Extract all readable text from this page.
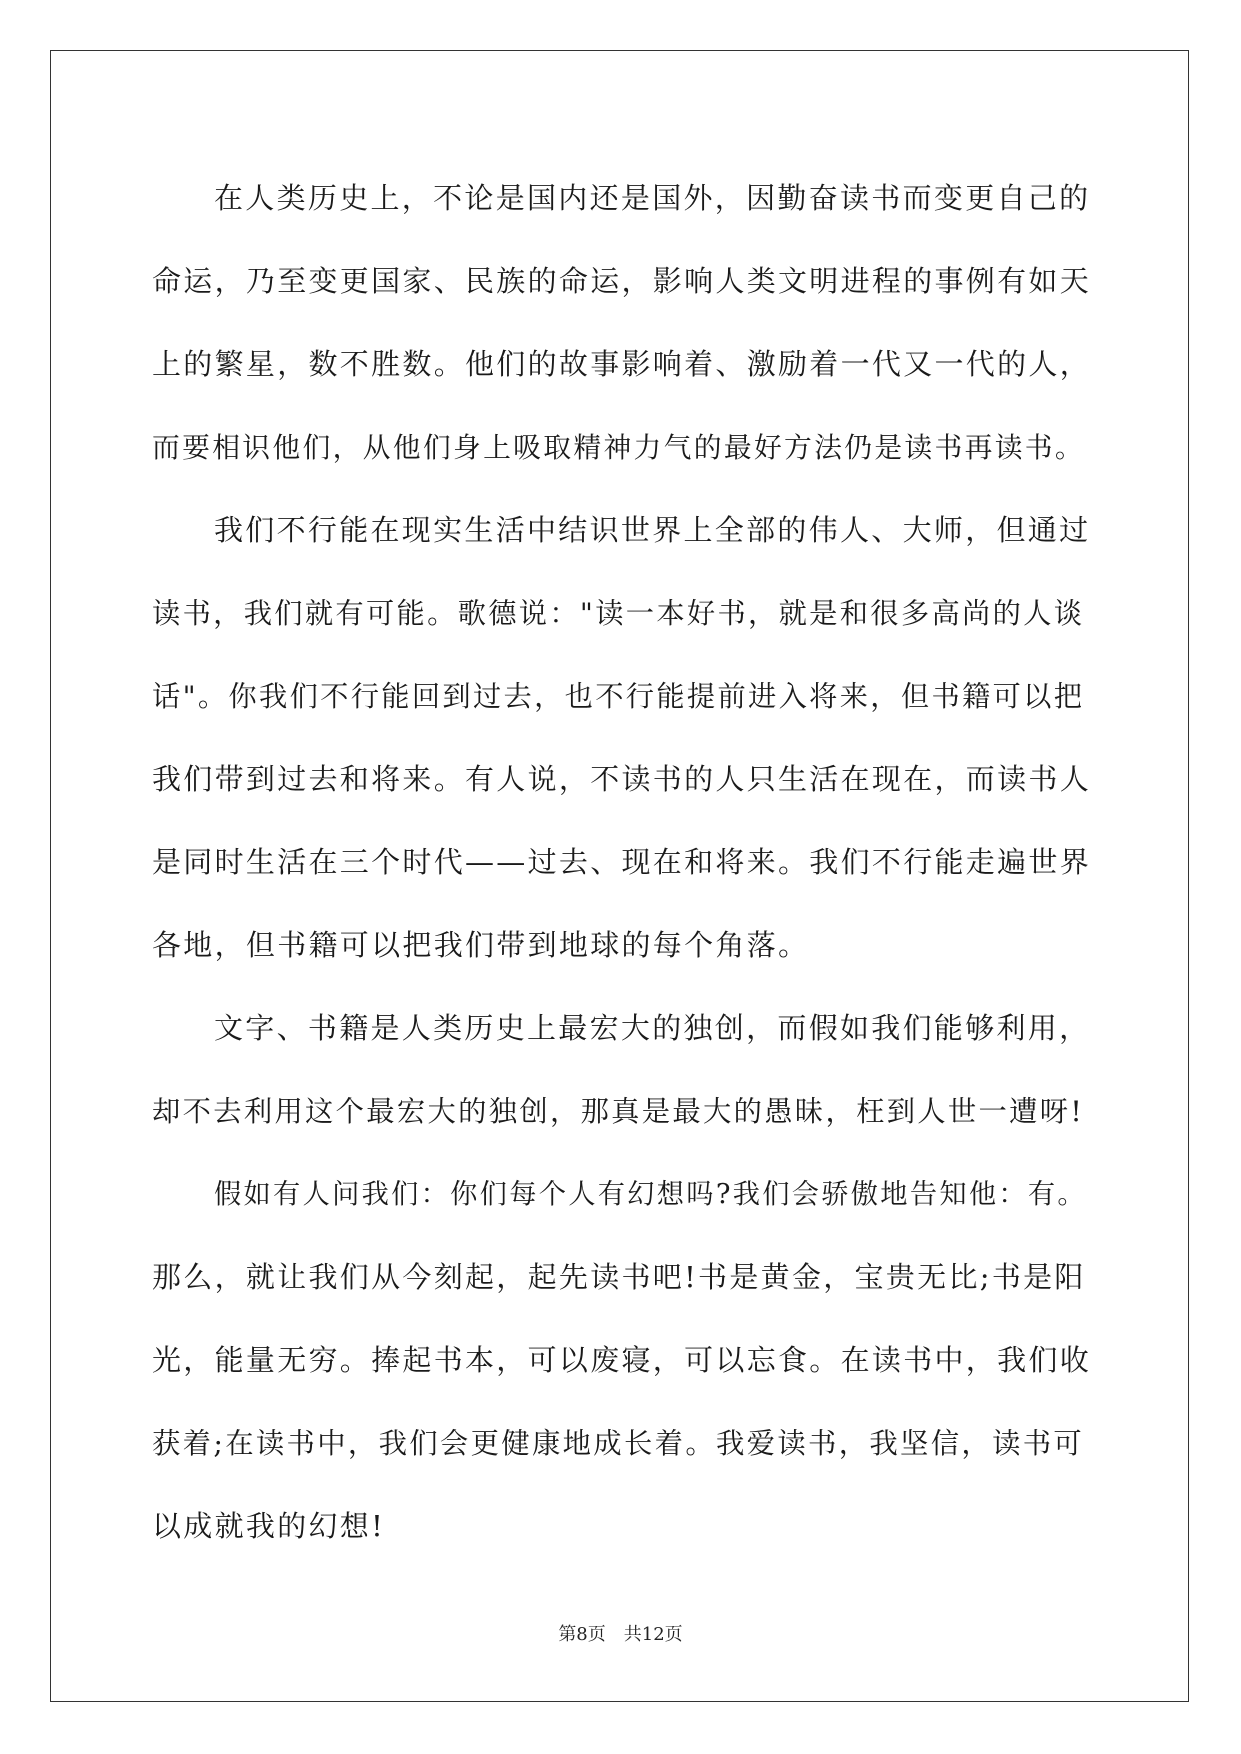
在人类历史上，不论是国内还是国外，因勤奋读书而变更自己的
命运，乃至变更国家、民族的命运，影响人类文明进程的事例有如天
上的繁星，数不胜数。他们的故事影响着、激励着一代又一代的人，
而要相识他们，从他们身上吸取精神力气的最好方法仍是读书再读书。
我们不行能在现实生活中结识世界上全部的伟人、大师，但通过
读书，我们就有可能。歌德说："读一本好书，就是和很多高尚的人谈
话"。你我们不行能回到过去，也不行能提前进入将来，但书籍可以把
我们带到过去和将来。有人说，不读书的人只生活在现在，而读书人
是同时生活在三个时代——过去、现在和将来。我们不行能走遍世界
各地，但书籍可以把我们带到地球的每个角落。
文字、书籍是人类历史上最宏大的独创，而假如我们能够利用，
却不去利用这个最宏大的独创，那真是最大的愚昧，枉到人世一遭呀!
假如有人问我们：你们每个人有幻想吗?我们会骄傲地告知他：有。
那么，就让我们从今刻起，起先读书吧!书是黄金，宝贵无比;书是阳
光，能量无穷。捧起书本，可以废寝，可以忘食。在读书中，我们收
获着;在读书中，我们会更健康地成长着。我爱读书，我坚信，读书可
以成就我的幻想!
第8页 共12页
